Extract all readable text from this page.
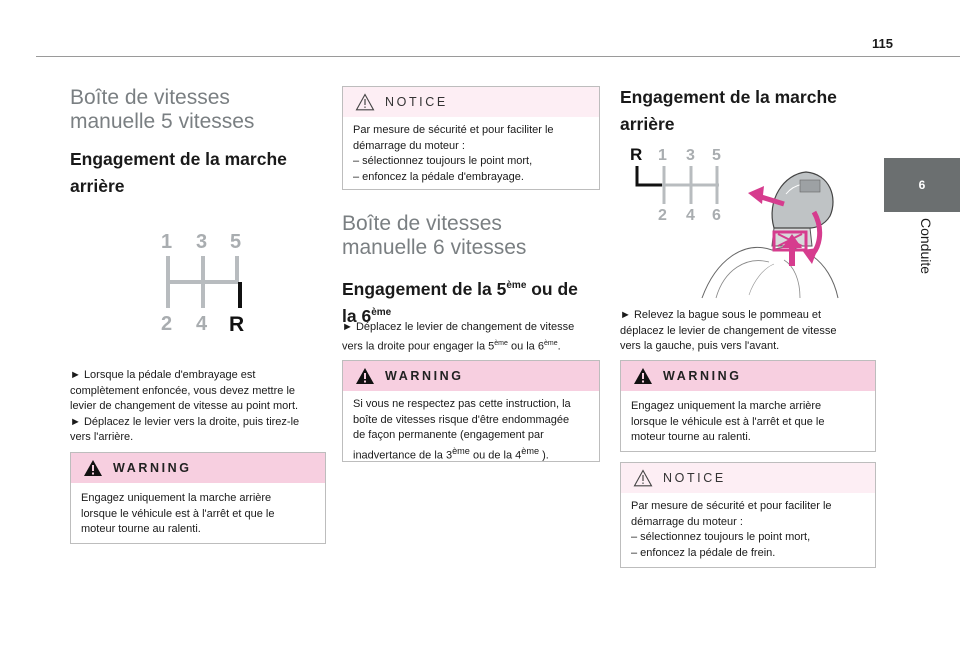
115
6
Conduite
Boîte de vitesses
manuelle 5 vitesses
Engagement de la marche
arrière
1 3 5
2 4 R
► Lorsque la pédale d'embrayage est
complètement enfoncée, vous devez mettre le
levier de changement de vitesse au point mort.
► Déplacez le levier vers la droite, puis tirez-le
vers l'arrière.
WARNING
Engagez uniquement la marche arrière
lorsque le véhicule est à l'arrêt et que le
moteur tourne au ralenti.
NOTICE
Par mesure de sécurité et pour faciliter le
démarrage du moteur :
– sélectionnez toujours le point mort,
– enfoncez la pédale d'embrayage.
Boîte de vitesses
manuelle 6 vitesses
Engagement de la 5ème ou de
la 6ème
► Déplacez le levier de changement de vitesse
vers la droite pour engager la 5ème ou la 6ème.
WARNING
Si vous ne respectez pas cette instruction, la
boîte de vitesses risque d'être endommagée
de façon permanente (engagement par
inadvertance de la 3ème ou de la 4ème ).
Engagement de la marche
arrière
R 1 3 5
2 4 6
► Relevez la bague sous le pommeau et
déplacez le levier de changement de vitesse
vers la gauche, puis vers l'avant.
WARNING
Engagez uniquement la marche arrière
lorsque le véhicule est à l'arrêt et que le
moteur tourne au ralenti.
NOTICE
Par mesure de sécurité et pour faciliter le
démarrage du moteur :
– sélectionnez toujours le point mort,
– enfoncez la pédale de frein.
